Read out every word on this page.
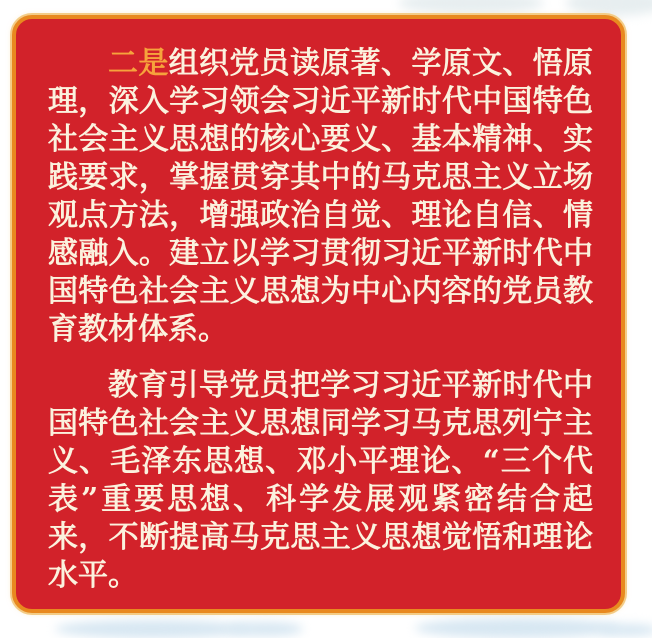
二是组织党员读原著、学原文、悟原理，深入学习领会习近平新时代中国特色社会主义思想的核心要义、基本精神、实践要求，掌握贯穿其中的马克思主义立场观点方法，增强政治自觉、理论自信、情感融入。建立以学习贯彻习近平新时代中国特色社会主义思想为中心内容的党员教育教材体系。

教育引导党员把学习习近平新时代中国特色社会主义思想同学习马克思列宁主义、毛泽东思想、邓小平理论、“三个代表”重要思想、科学发展观紧密结合起来，不断提高马克思主义思想觉悟和理论水平。
